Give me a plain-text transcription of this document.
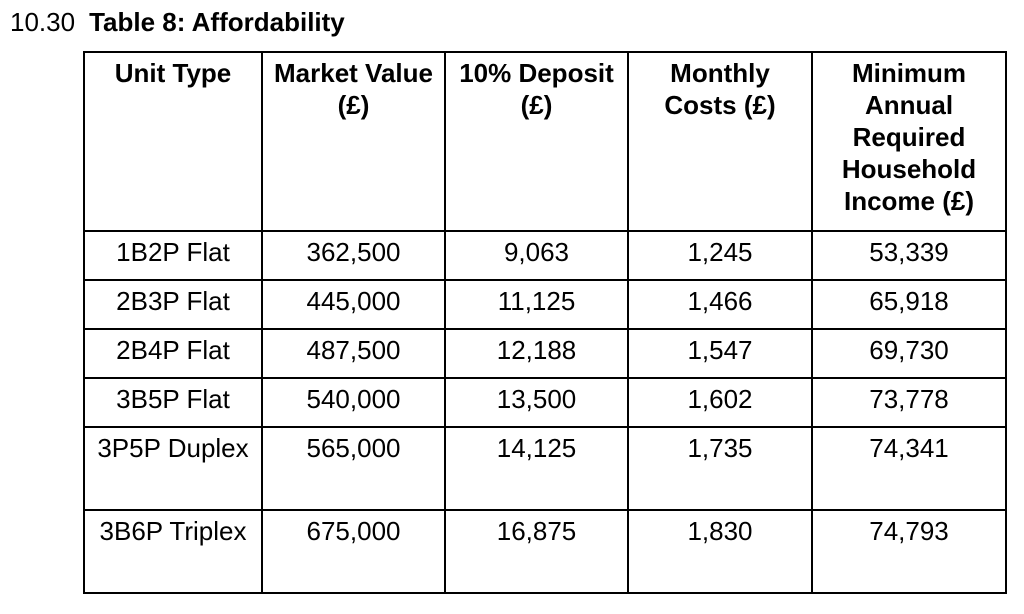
10.30 Table 8: Affordability
Unit Type	Market Value (£)	10% Deposit (£)	Monthly Costs (£)	Minimum Annual Required Household Income (£)
1B2P Flat	362,500	9,063	1,245	53,339
2B3P Flat	445,000	11,125	1,466	65,918
2B4P Flat	487,500	12,188	1,547	69,730
3B5P Flat	540,000	13,500	1,602	73,778
3P5P Duplex	565,000	14,125	1,735	74,341
3B6P Triplex	675,000	16,875	1,830	74,793
